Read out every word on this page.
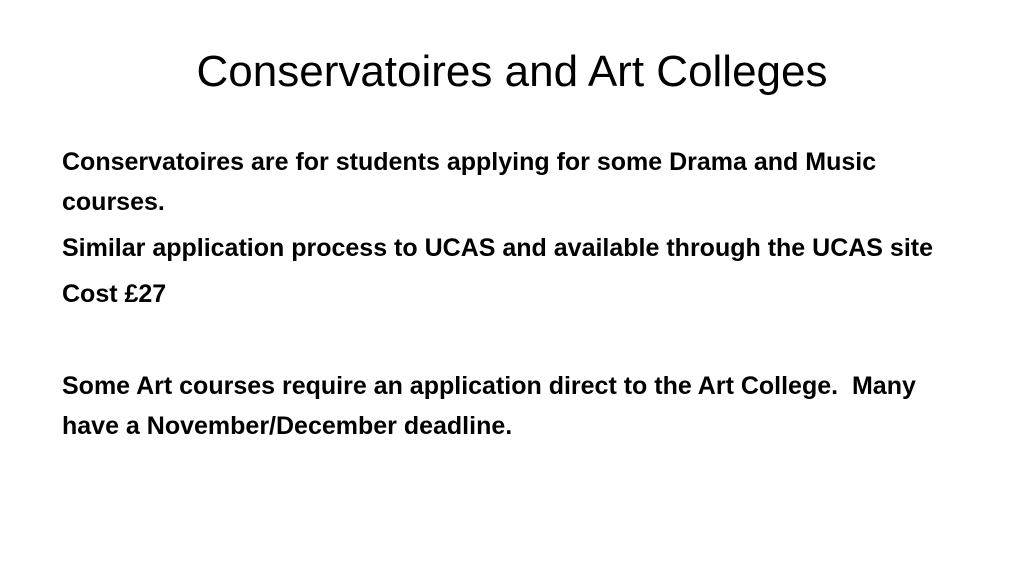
Conservatoires and Art Colleges

Conservatoires are for students applying for some Drama and Music courses.

Similar application process to UCAS and available through the UCAS site

Cost £27

Some Art courses require an application direct to the Art College.  Many have a November/December deadline.
